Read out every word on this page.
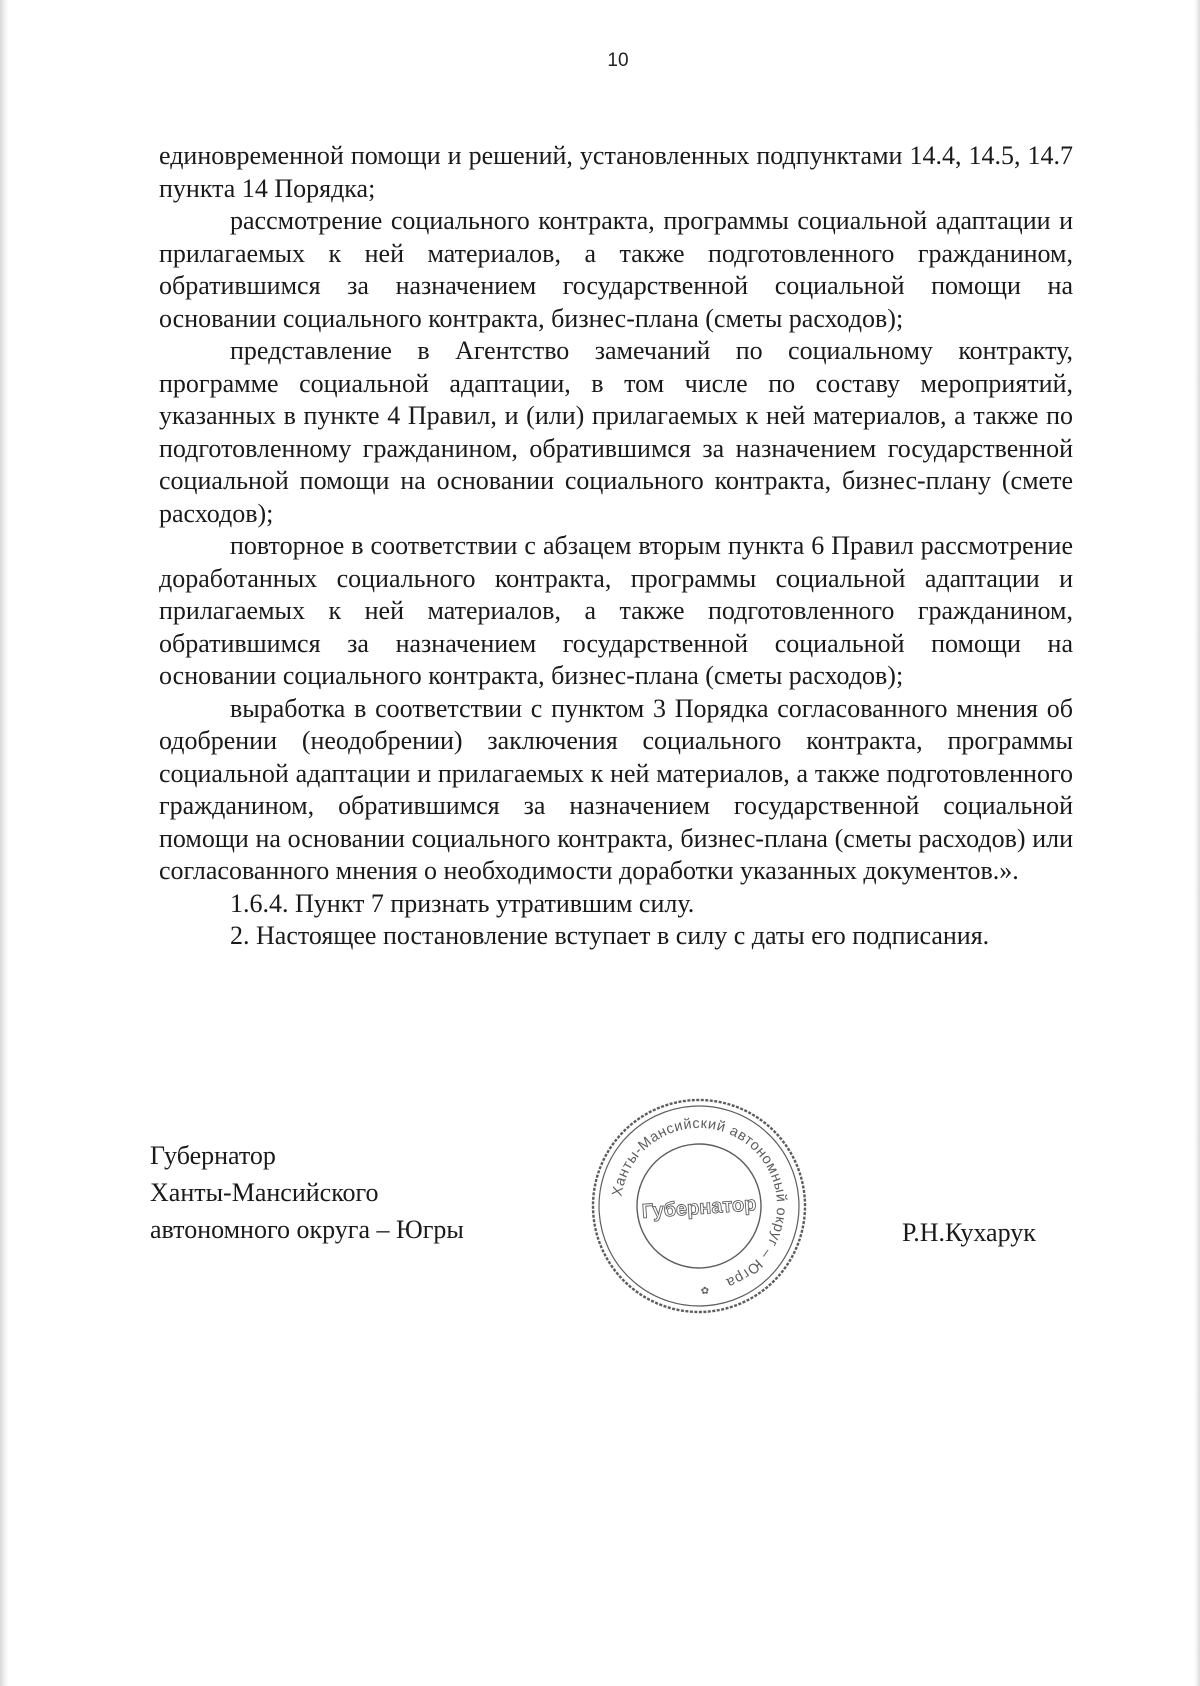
10

единовременной помощи и решений, установленных подпунктами 14.4, 14.5, 14.7 пункта 14 Порядка;

рассмотрение социального контракта, программы социальной адаптации и прилагаемых к ней материалов, а также подготовленного гражданином, обратившимся за назначением государственной социальной помощи на основании социального контракта, бизнес-плана (сметы расходов);

представление в Агентство замечаний по социальному контракту, программе социальной адаптации, в том числе по составу мероприятий, указанных в пункте 4 Правил, и (или) прилагаемых к ней материалов, а также по подготовленному гражданином, обратившимся за назначением государственной социальной помощи на основании социального контракта, бизнес-плану (смете расходов);

повторное в соответствии с абзацем вторым пункта 6 Правил рассмотрение доработанных социального контракта, программы социальной адаптации и прилагаемых к ней материалов, а также подготовленного гражданином, обратившимся за назначением государственной социальной помощи на основании социального контракта, бизнес-плана (сметы расходов);

выработка в соответствии с пунктом 3 Порядка согласованного мнения об одобрении (неодобрении) заключения социального контракта, программы социальной адаптации и прилагаемых к ней материалов, а также подготовленного гражданином, обратившимся за назначением государственной социальной помощи на основании социального контракта, бизнес-плана (сметы расходов) или согласованного мнения о необходимости доработки указанных документов.».

1.6.4. Пункт 7 признать утратившим силу.

2. Настоящее постановление вступает в силу с даты его подписания.

Губернатор
Ханты-Мансийского
автономного округа – Югры
Ханты-Мансийский автономный округ – Югра
Губернатор
✿
Р.Н.Кухарук
